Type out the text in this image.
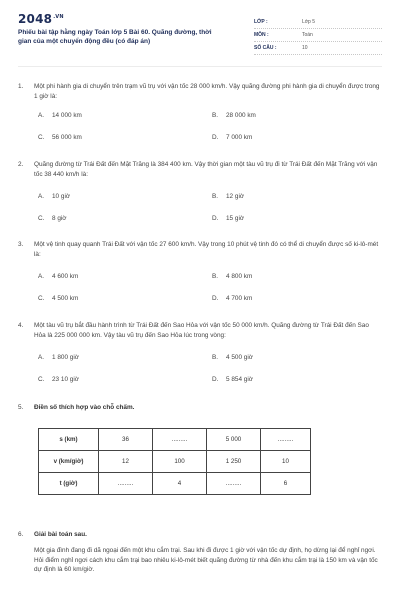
$2048^{.VN}$
Phiếu bài tập hằng ngày Toán lớp 5 Bài 60. Quãng đường, thời gian của một chuyển động đều (có đáp án)
LỚP :	Lớp 5
MÔN :	Toán
SỐ CÂU :	10
1.	Một phi hành gia di chuyển trên trạm vũ trụ với vận tốc 28 000 km/h. Vậy quãng đường phi hành gia di chuyển được trong 1 giờ là:
A. 14 000 km	B. 28 000 km
C. 56 000 km	D. 7 000 km
2.	Quãng đường từ Trái Đất đến Mặt Trăng là 384 400 km. Vậy thời gian một tàu vũ trụ đi từ Trái Đất đến Mặt Trăng với vận tốc 38 440 km/h là:
A. 10 giờ	B. 12 giờ
C. 8 giờ	D. 15 giờ
3.	Một vệ tinh quay quanh Trái Đất với vận tốc 27 600 km/h. Vậy trong 10 phút vệ tinh đó có thể di chuyển được số ki-lô-mét là:
A. 4 600 km	B. 4 800 km
C. 4 500 km	D. 4 700 km
4.	Một tàu vũ trụ bắt đầu hành trình từ Trái Đất đến Sao Hỏa với vận tốc 50 000 km/h. Quãng đường từ Trái Đất đến Sao Hỏa là 225 000 000 km. Vậy tàu vũ trụ đến Sao Hỏa lúc trong vòng:
A. 1 800 giờ	B. 4 500 giờ
C. 23 10 giờ	D. 5 854 giờ
5.	Điền số thích hợp vào chỗ chấm.
s (km)	36	.........	5 000	.........
v (km/giờ)	12	100	1 250	10
t (giờ)	.........	4	.........	6
6.	Giải bài toán sau.
Một gia đình đang đi dã ngoại đến một khu cắm trại. Sau khi đi được 1 giờ với vận tốc dự định, họ dừng lại để nghỉ ngơi. Hỏi điểm nghỉ ngơi cách khu cắm trại bao nhiêu ki-lô-mét biết quãng đường từ nhà đến khu cắm trại là 150 km và vận tốc dự định là 60 km/giờ.
